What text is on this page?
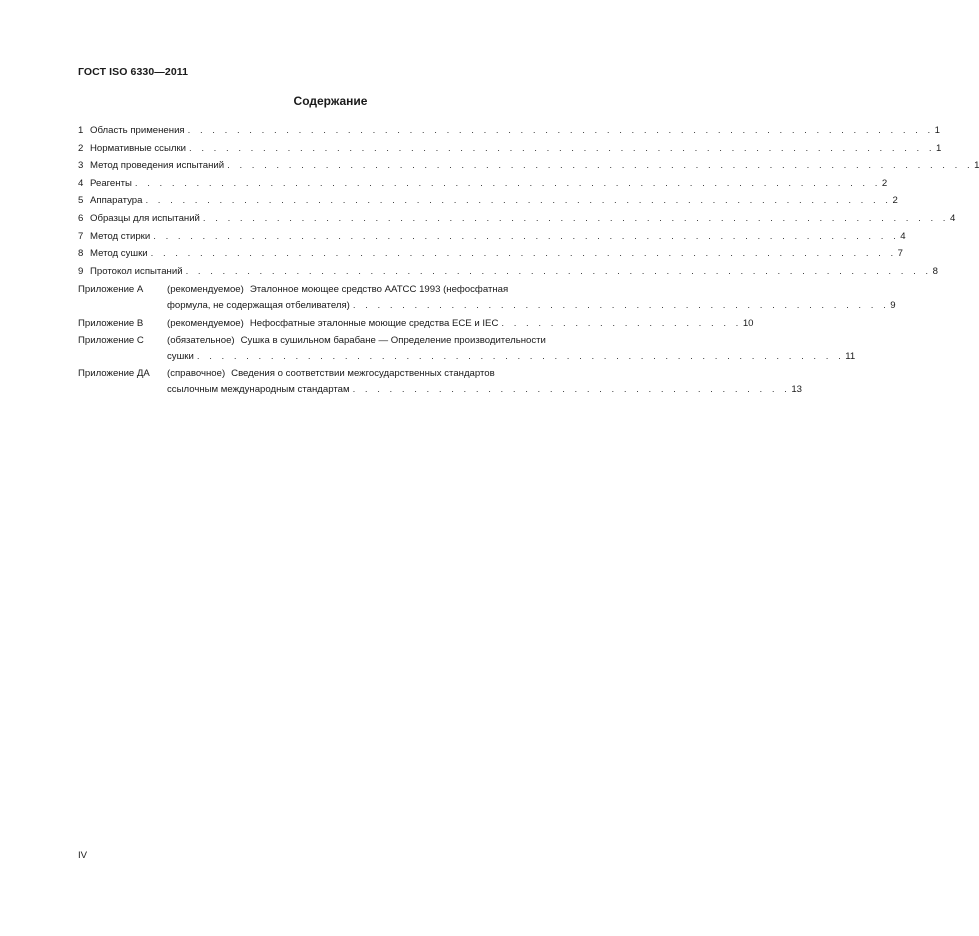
ГОСТ ISO 6330—2011
Содержание
1 Область применения . . . . . . . . . . . . . . . . . . . . . . . . . . . . . . . . . . . . . . . . . . . . . . . . . . . . . . . . . . . . . 1
2 Нормативные ссылки . . . . . . . . . . . . . . . . . . . . . . . . . . . . . . . . . . . . . . . . . . . . . . . . . . . . . . . . . . . . . 1
3 Метод проведения испытаний . . . . . . . . . . . . . . . . . . . . . . . . . . . . . . . . . . . . . . . . . . . . . . . . . . . . . . . . . . . . . 1
4 Реагенты . . . . . . . . . . . . . . . . . . . . . . . . . . . . . . . . . . . . . . . . . . . . . . . . . . . . . . . . . . . . . 2
5 Аппаратура . . . . . . . . . . . . . . . . . . . . . . . . . . . . . . . . . . . . . . . . . . . . . . . . . . . . . . . . . . . . . 2
6 Образцы для испытаний . . . . . . . . . . . . . . . . . . . . . . . . . . . . . . . . . . . . . . . . . . . . . . . . . . . . . . . . . . . . . 4
7 Метод стирки . . . . . . . . . . . . . . . . . . . . . . . . . . . . . . . . . . . . . . . . . . . . . . . . . . . . . . . . . . . . . 4
8 Метод сушки . . . . . . . . . . . . . . . . . . . . . . . . . . . . . . . . . . . . . . . . . . . . . . . . . . . . . . . . . . . . . 7
9 Протокол испытаний . . . . . . . . . . . . . . . . . . . . . . . . . . . . . . . . . . . . . . . . . . . . . . . . . . . . . . . . . . . . . 8
Приложение A	(рекомендуемое) Эталонное моющее средство AATCC 1993 (нефосфатная
формула, не содержащая отбеливателя) . . . . . . . . . . . . . . . . . . . . . . . . . . . . . . . . . . . . . . . . . . . . 9
Приложение B	(рекомендуемое) Нефосфатные эталонные моющие средства ECE и IEC . . . . . . . . . . . . . . . . . . . . 10
Приложение C	(обязательное) Сушка в сушильном барабане — Определение производительности
сушки . . . . . . . . . . . . . . . . . . . . . . . . . . . . . . . . . . . . . . . . . . . . . . . . . . . . . 11
Приложение ДА	(справочное) Сведения о соответствии межгосударственных стандартов
ссылочным международным стандартам . . . . . . . . . . . . . . . . . . . . . . . . . . . . . . . . . . . . 13
IV
